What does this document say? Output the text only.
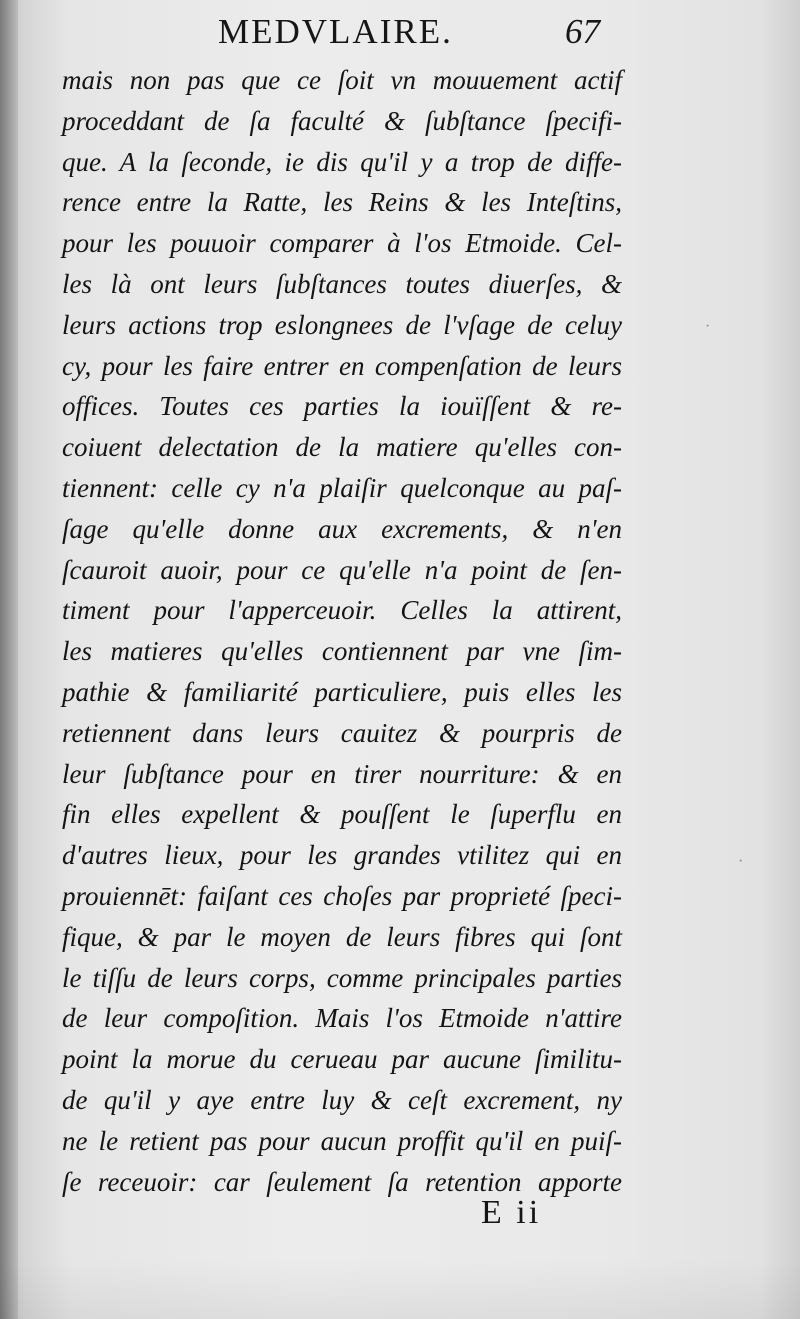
MEDVLAIRE.	67
mais non pas que ce ſoit vn mouuement actif
proceddant de ſa faculté & ſubſtance ſpecifi-
que. A la ſeconde, ie dis qu'il y a trop de diffe-
rence entre la Ratte, les Reins & les Inteſtins,
pour les pouuoir comparer à l'os Etmoide. Cel-
les là ont leurs ſubſtances toutes diuerſes, &
leurs actions trop eslongnees de l'vſage de celuy
cy, pour les faire entrer en compenſation de leurs
offices. Toutes ces parties la iouïſſent & re-
coiuent delectation de la matiere qu'elles con-
tiennent: celle cy n'a plaiſir quelconque au paſ-
ſage qu'elle donne aux excrements, & n'en
ſcauroit auoir, pour ce qu'elle n'a point de ſen-
timent pour l'apperceuoir. Celles la attirent,
les matieres qu'elles contiennent par vne ſim-
pathie & familiarité particuliere, puis elles les
retiennent dans leurs cauitez & pourpris de
leur ſubſtance pour en tirer nourriture: & en
fin elles expellent & pouſſent le ſuperflu en
d'autres lieux, pour les grandes vtilitez qui en
prouiennēt: faiſant ces choſes par proprieté ſpeci-
fique, & par le moyen de leurs fibres qui ſont
le tiſſu de leurs corps, comme principales parties
de leur compoſition. Mais l'os Etmoide n'attire
point la morue du cerueau par aucune ſimilitu-
de qu'il y aye entre luy & ceſt excrement, ny
ne le retient pas pour aucun proffit qu'il en puiſ-
ſe receuoir: car ſeulement ſa retention apporte
E ii
·
·
